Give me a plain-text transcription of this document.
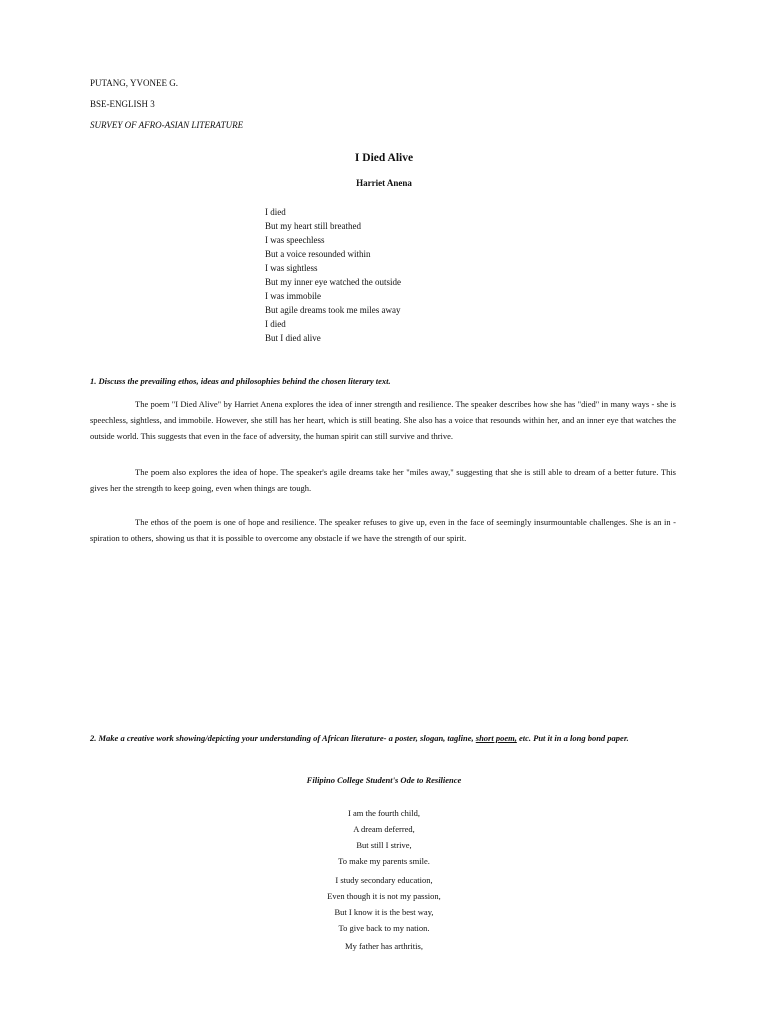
PUTANG, YVONEE G.
BSE-ENGLISH 3
SURVEY OF AFRO-ASIAN LITERATURE
I Died Alive
Harriet Anena
I died
But my heart still breathed
I was speechless
But a voice resounded within
I was sightless
But my inner eye watched the outside
I was immobile
But agile dreams took me miles away
I died
But I died alive
1. Discuss the prevailing ethos, ideas and philosophies behind the chosen literary text.

The poem "I Died Alive" by Harriet Anena explores the idea of inner strength and resilience. The speaker describes how she has "died" in many ways - she is speechless, sightless, and immobile. However, she still has her heart, which is still beating. She also has a voice that resounds within her, and an inner eye that watches the outside world. This suggests that even in the face of adversity, the human spirit can still survive and thrive.

The poem also explores the idea of hope. The speaker's agile dreams take her "miles away," suggesting that she is still able to dream of a better future. This gives her the strength to keep going, even when things are tough.

The ethos of the poem is one of hope and resilience. The speaker refuses to give up, even in the face of seemingly insurmountable challenges. She is an in - spiration to others, showing us that it is possible to overcome any obstacle if we have the strength of our spirit.

2. Make a creative work showing/depicting your understanding of African literature- a poster, slogan, tagline, short poem, etc. Put it in a long bond paper.
Filipino College Student's Ode to Resilience
I am the fourth child,
A dream deferred,
But still I strive,
To make my parents smile.
I study secondary education,
Even though it is not my passion,
But I know it is the best way,
To give back to my nation.
My father has arthritis,
